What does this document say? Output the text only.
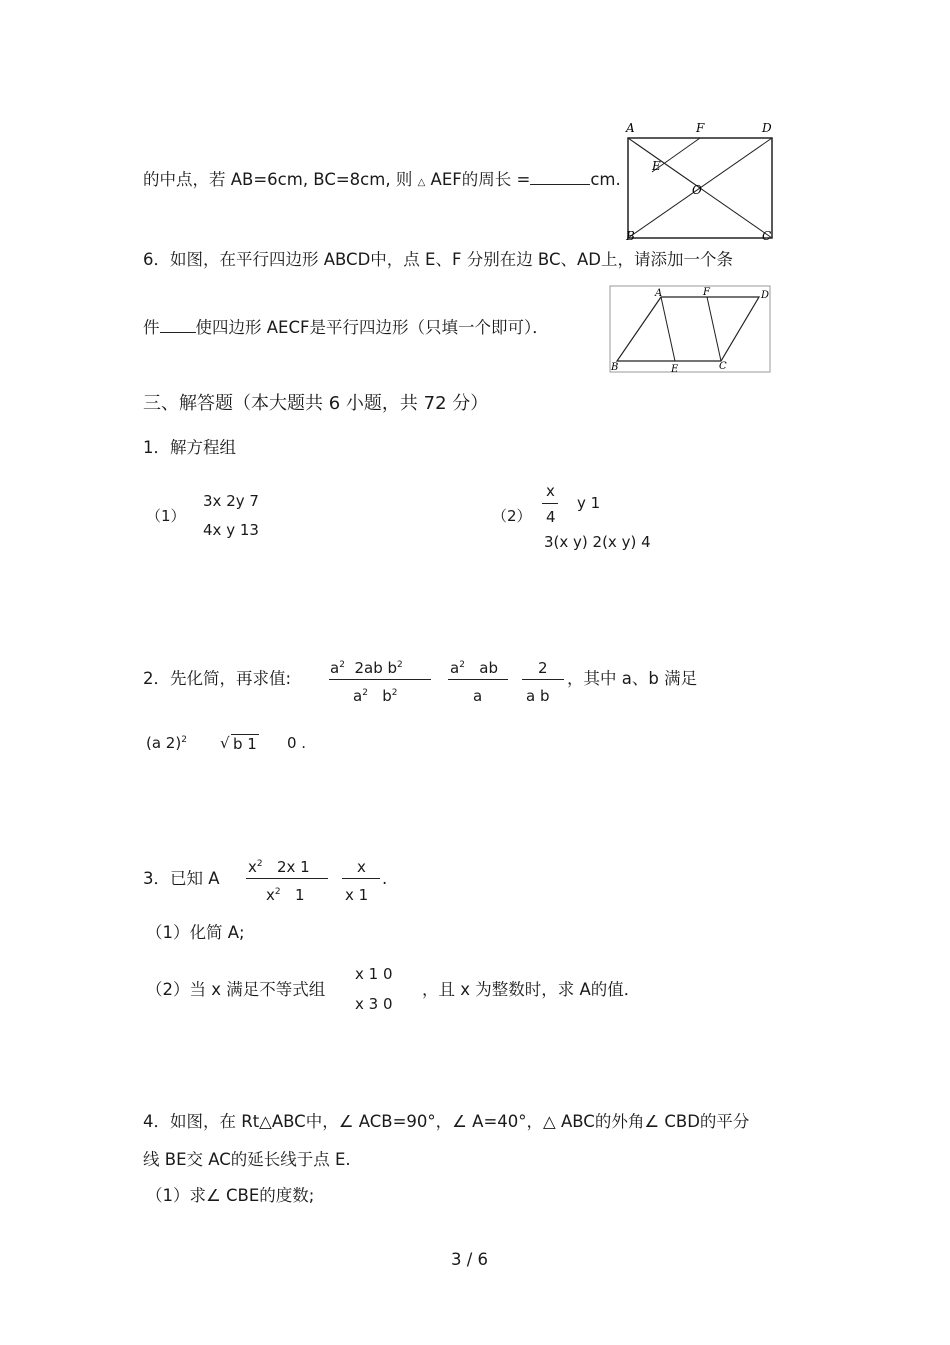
的中点，若 AB=6cm, BC=8cm, 则 △ AEF的周长 =	cm.
A	F	D
E
O
B	C
6．如图，在平行四边形 ABCD中，点 E、F 分别在边 BC、AD上，请添加一个条
件 使四边形 AECF是平行四边形（只填一个即可）．
A	F	D
B	E	C
三、解答题（本大题共 6 小题，共 72 分）
1．解方程组
（1）
3x 2y 7
4x y 13
（2）
x
4
y 1
3(x y) 2(x y) 4
2．先化简，再求值:
$a^2$ 2ab $b^2$
$a^2$ $b^2$
$a^2$ ab
a
2
a b
，其中 a、b 满足
(a 2)$^2$ √ b 1 0 .
3．已知 A
$x^2$ 2x 1
$x^2$ 1
x
x 1
.
（1）化简 A;
（2）当 x 满足不等式组
x 1 0
x 3 0
，且 x 为整数时，求 A的值．
4．如图，在 Rt△ABC中，∠ ACB=90°，∠ A=40°，△ ABC的外角∠ CBD的平分
线 BE交 AC的延长线于点 E.
（1）求∠ CBE的度数;
3 / 6
